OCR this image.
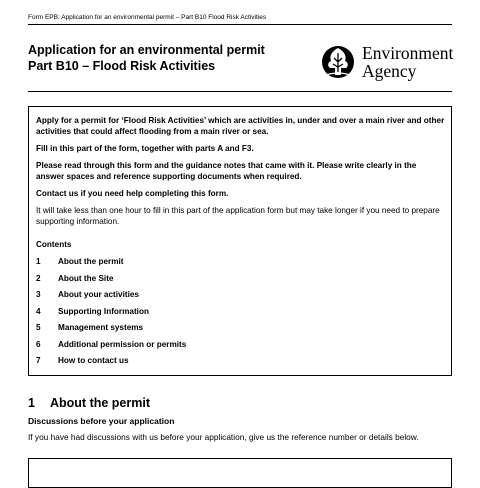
Form EPB: Application for an environmental permit – Part B10 Flood Risk Activities
Application for an environmental permit
Part B10 – Flood Risk Activities
Environment
Agency

Apply for a permit for ‘Flood Risk Activities’ which are activities in, under and over a main river and other activities that could affect flooding from a main river or sea.

Fill in this part of the form, together with parts A and F3.

Please read through this form and the guidance notes that came with it. Please write clearly in the answer spaces and reference supporting documents when required.

Contact us if you need help completing this form.

It will take less than one hour to fill in this part of the application form but may take longer if you need to prepare supporting information.

Contents

1	About the permit
2	About the Site
3	About your activities
4	Supporting Information
5	Management systems
6	Additional permission or permits
7	How to contact us
1 About the permit
Discussions before your application
If you have had discussions with us before your application, give us the reference number or details below.
